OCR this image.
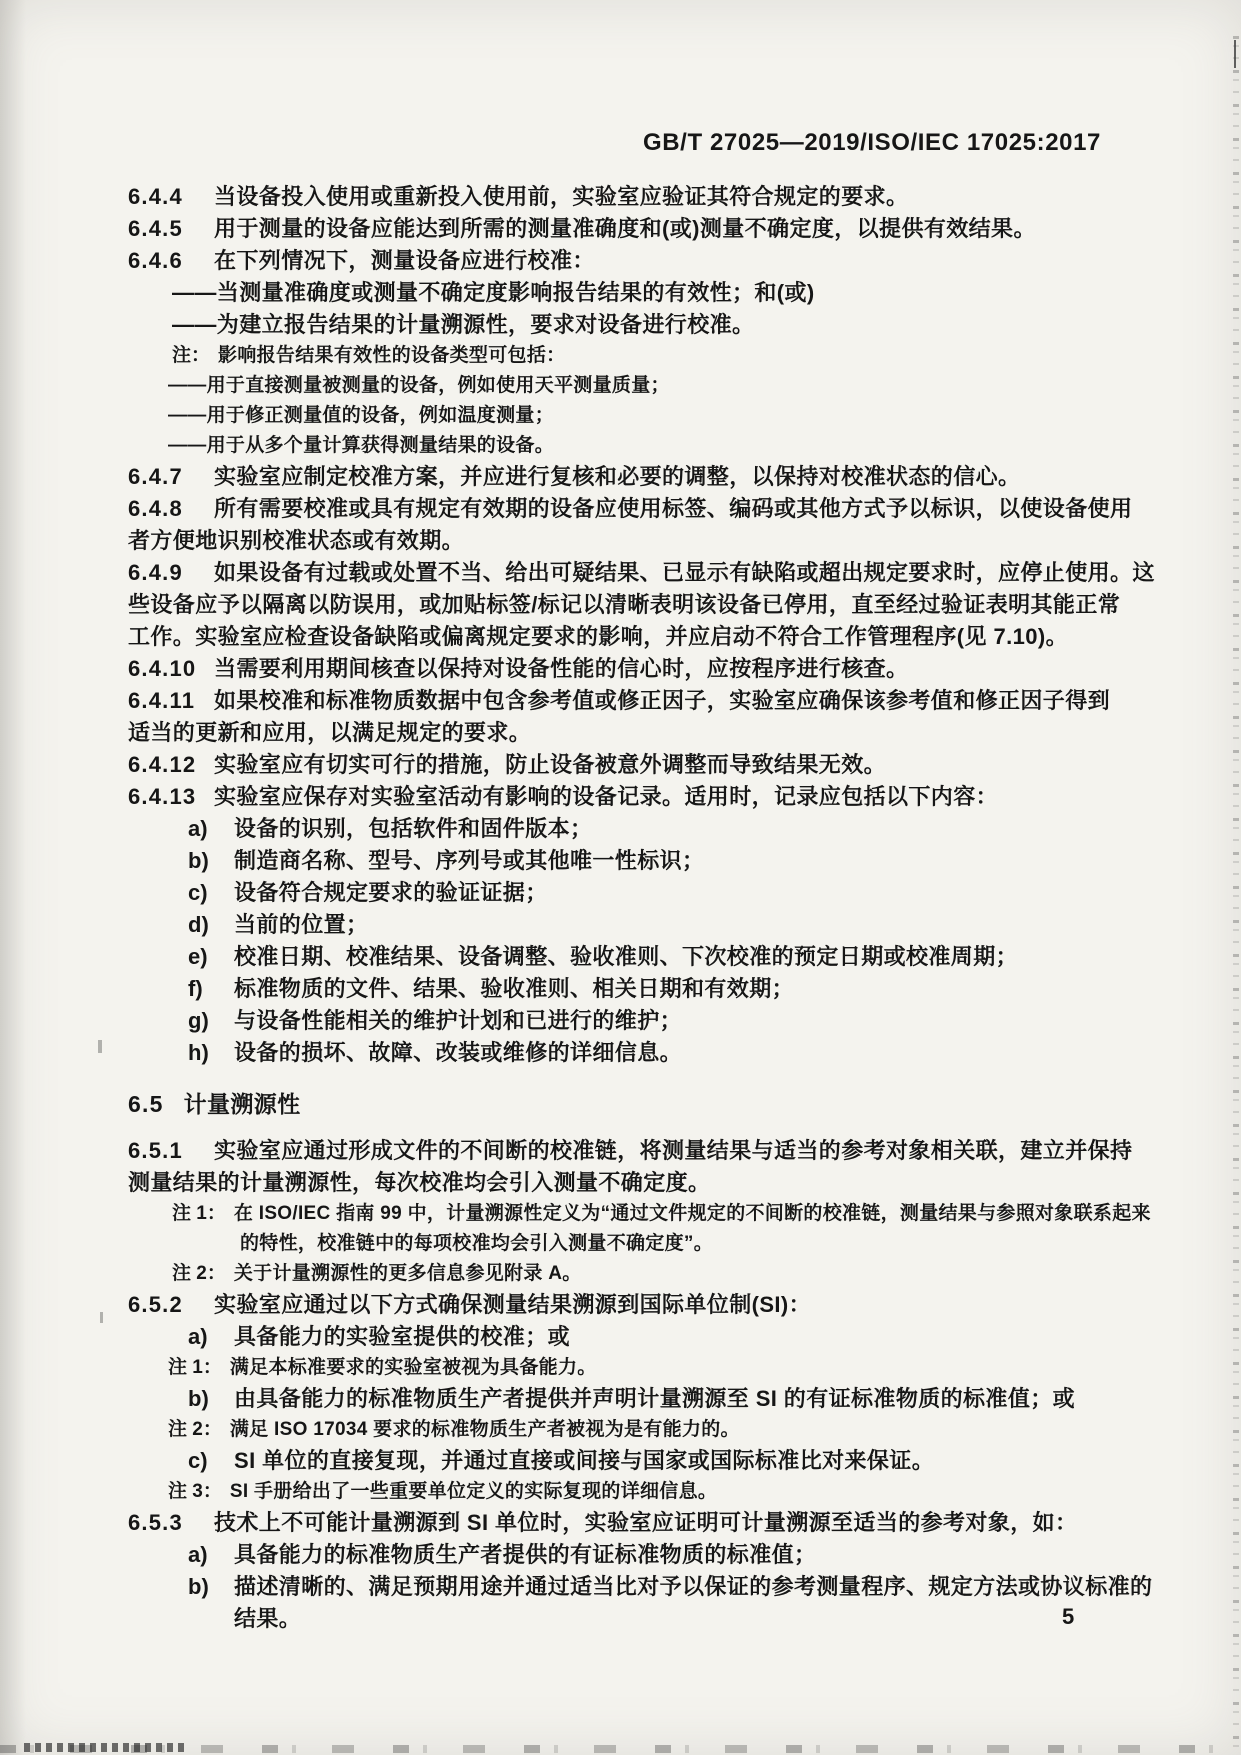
GB/T 27025—2019/ISO/IEC 17025:2017
6.4.4 当设备投入使用或重新投入使用前，实验室应验证其符合规定的要求。
6.4.5 用于测量的设备应能达到所需的测量准确度和(或)测量不确定度，以提供有效结果。
6.4.6 在下列情况下，测量设备应进行校准：
——当测量准确度或测量不确定度影响报告结果的有效性；和(或)
——为建立报告结果的计量溯源性，要求对设备进行校准。
注： 影响报告结果有效性的设备类型可包括：
——用于直接测量被测量的设备，例如使用天平测量质量；
——用于修正测量值的设备，例如温度测量；
——用于从多个量计算获得测量结果的设备。
6.4.7 实验室应制定校准方案，并应进行复核和必要的调整，以保持对校准状态的信心。
6.4.8 所有需要校准或具有规定有效期的设备应使用标签、编码或其他方式予以标识，以使设备使用
者方便地识别校准状态或有效期。
6.4.9 如果设备有过载或处置不当、给出可疑结果、已显示有缺陷或超出规定要求时，应停止使用。这
些设备应予以隔离以防误用，或加贴标签/标记以清晰表明该设备已停用，直至经过验证表明其能正常
工作。实验室应检查设备缺陷或偏离规定要求的影响，并应启动不符合工作管理程序(见 7.10)。
6.4.10 当需要利用期间核查以保持对设备性能的信心时，应按程序进行核查。
6.4.11 如果校准和标准物质数据中包含参考值或修正因子，实验室应确保该参考值和修正因子得到
适当的更新和应用，以满足规定的要求。
6.4.12 实验室应有切实可行的措施，防止设备被意外调整而导致结果无效。
6.4.13 实验室应保存对实验室活动有影响的设备记录。适用时，记录应包括以下内容：
a) 设备的识别，包括软件和固件版本；
b) 制造商名称、型号、序列号或其他唯一性标识；
c) 设备符合规定要求的验证证据；
d) 当前的位置；
e) 校准日期、校准结果、设备调整、验收准则、下次校准的预定日期或校准周期；
f) 标准物质的文件、结果、验收准则、相关日期和有效期；
g) 与设备性能相关的维护计划和已进行的维护；
h) 设备的损坏、故障、改装或维修的详细信息。
6.5 计量溯源性
6.5.1 实验室应通过形成文件的不间断的校准链，将测量结果与适当的参考对象相关联，建立并保持
测量结果的计量溯源性，每次校准均会引入测量不确定度。
注 1： 在 ISO/IEC 指南 99 中，计量溯源性定义为“通过文件规定的不间断的校准链，测量结果与参照对象联系起来
的特性，校准链中的每项校准均会引入测量不确定度”。
注 2： 关于计量溯源性的更多信息参见附录 A。
6.5.2 实验室应通过以下方式确保测量结果溯源到国际单位制(SI)：
a) 具备能力的实验室提供的校准；或
注 1： 满足本标准要求的实验室被视为具备能力。
b) 由具备能力的标准物质生产者提供并声明计量溯源至 SI 的有证标准物质的标准值；或
注 2： 满足 ISO 17034 要求的标准物质生产者被视为是有能力的。
c) SI 单位的直接复现，并通过直接或间接与国家或国际标准比对来保证。
注 3： SI 手册给出了一些重要单位定义的实际复现的详细信息。
6.5.3 技术上不可能计量溯源到 SI 单位时，实验室应证明可计量溯源至适当的参考对象，如：
a) 具备能力的标准物质生产者提供的有证标准物质的标准值；
b) 描述清晰的、满足预期用途并通过适当比对予以保证的参考测量程序、规定方法或协议标准的
结果。	5
